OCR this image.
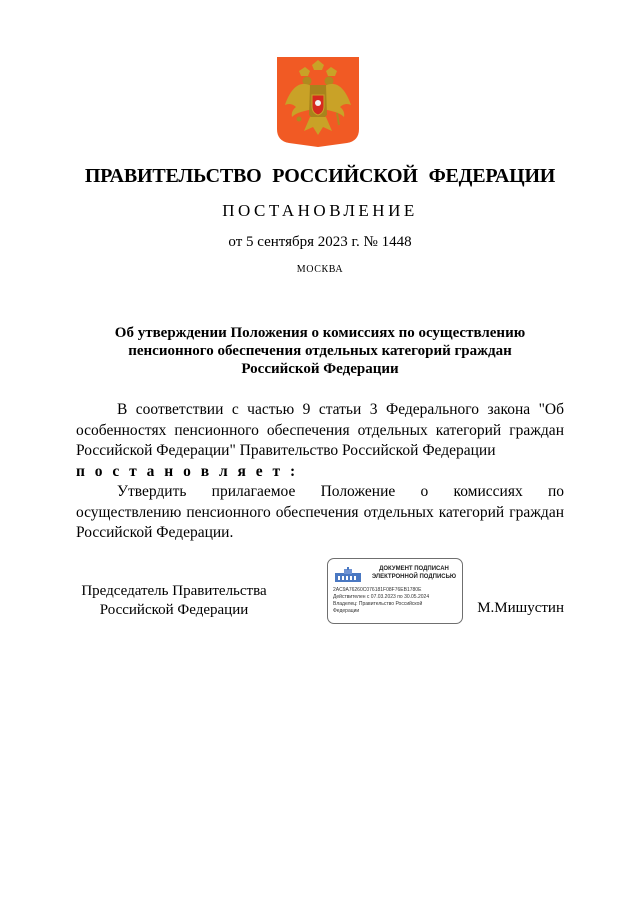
ПРАВИТЕЛЬСТВО РОССИЙСКОЙ ФЕДЕРАЦИИ
ПОСТАНОВЛЕНИЕ
от 5 сентября 2023 г. № 1448
МОСКВА
Об утверждении Положения о комиссиях по осуществлению
пенсионного обеспечения отдельных категорий граждан
Российской Федерации

В соответствии с частью 9 статьи 3 Федерального закона "Об особенностях пенсионного обеспечения отдельных категорий граждан Российской Федерации" Правительство Российской Федерации

п о с т а н о в л я е т :

Утвердить прилагаемое Положение о комиссиях по осуществлению пенсионного обеспечения отдельных категорий граждан Российской Федерации.

Председатель Правительства
Российской Федерации
ДОКУМЕНТ ПОДПИСАН
ЭЛЕКТРОННОЙ ПОДПИСЬЮ
2AC9A76260C076181F08F76EB1780E
Действителен с 07.03.2023 по 30.05.2024
Владелец: Правительство Российской
Федерации	М.Мишустин
